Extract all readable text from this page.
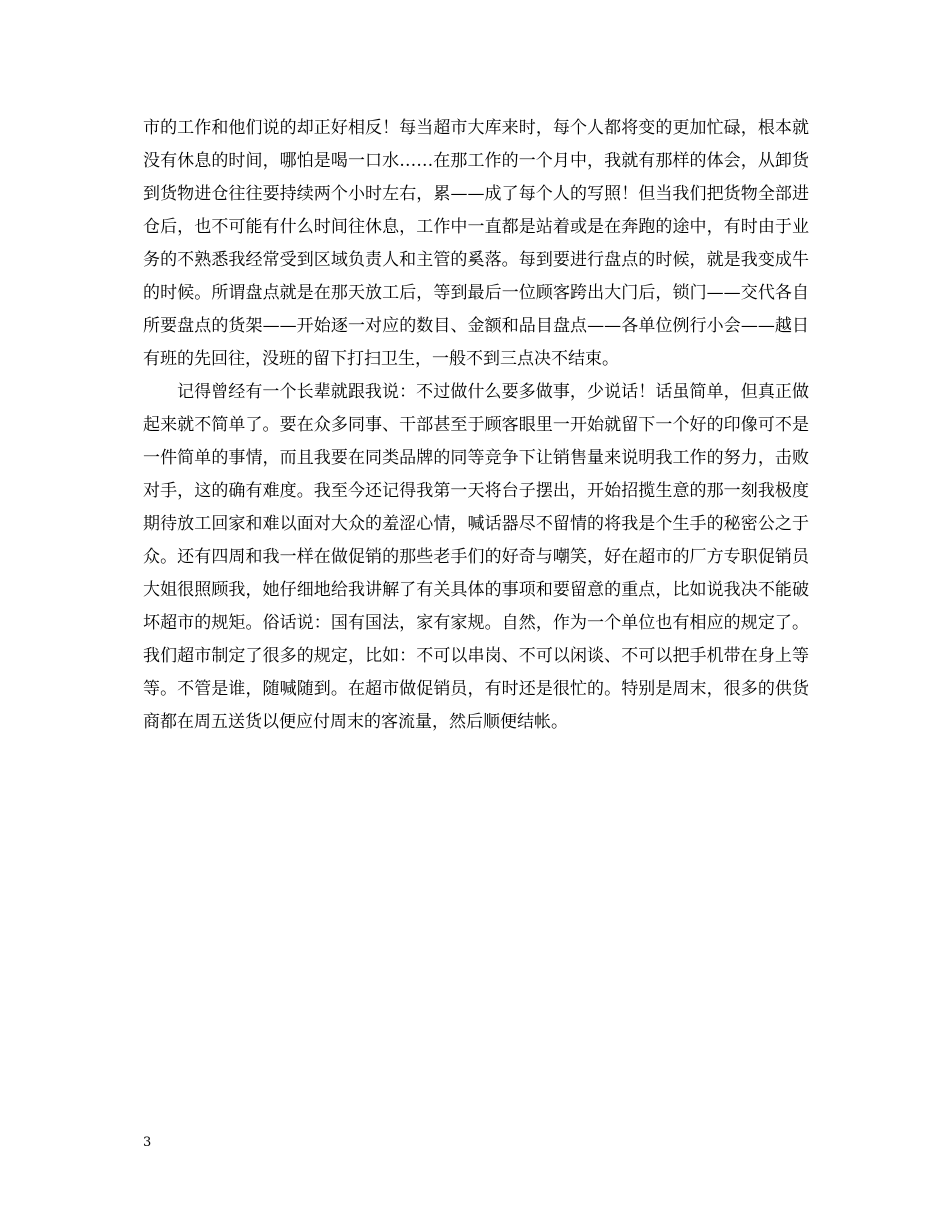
市的工作和他们说的却正好相反！每当超市大库来时，每个人都将变的更加忙碌，根本就没有休息的时间，哪怕是喝一口水……在那工作的一个月中，我就有那样的体会，从卸货到货物进仓往往要持续两个小时左右，累——成了每个人的写照！但当我们把货物全部进仓后，也不可能有什么时间往休息，工作中一直都是站着或是在奔跑的途中，有时由于业务的不熟悉我经常受到区域负责人和主管的奚落。每到要进行盘点的时候，就是我变成牛的时候。所谓盘点就是在那天放工后，等到最后一位顾客跨出大门后，锁门——交代各自所要盘点的货架——开始逐一对应的数目、金额和品目盘点——各单位例行小会——越日有班的先回往，没班的留下打扫卫生，一般不到三点决不结束。

记得曾经有一个长辈就跟我说：不过做什么要多做事，少说话！话虽简单，但真正做起来就不简单了。要在众多同事、干部甚至于顾客眼里一开始就留下一个好的印像可不是一件简单的事情，而且我要在同类品牌的同等竞争下让销售量来说明我工作的努力，击败对手，这的确有难度。我至今还记得我第一天将台子摆出，开始招揽生意的那一刻我极度期待放工回家和难以面对大众的羞涩心情，喊话器尽不留情的将我是个生手的秘密公之于众。还有四周和我一样在做促销的那些老手们的好奇与嘲笑，好在超市的厂方专职促销员大姐很照顾我，她仔细地给我讲解了有关具体的事项和要留意的重点，比如说我决不能破坏超市的规矩。俗话说：国有国法，家有家规。自然，作为一个单位也有相应的规定了。我们超市制定了很多的规定，比如：不可以串岗、不可以闲谈、不可以把手机带在身上等等。不管是谁，随喊随到。在超市做促销员，有时还是很忙的。特别是周末，很多的供货商都在周五送货以便应付周末的客流量，然后顺便结帐。

3
